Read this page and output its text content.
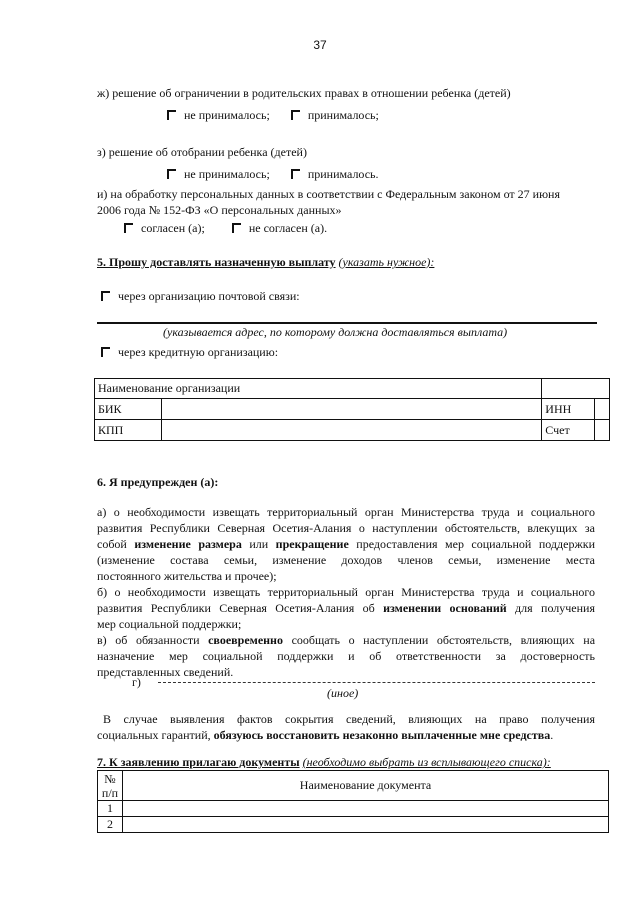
37
ж) решение об ограничении в родительских правах в отношении ребенка (детей)
не принималось;	принималось;
з) решение об отобрании ребенка (детей)
не принималось;	принималось.
и) на обработку персональных данных в соответствии с Федеральным законом от 27 июня
2006 года № 152-ФЗ «О персональных данных»
согласен (а);	не согласен (а).
5. Прошу доставлять назначенную выплату (указать нужное):
через организацию почтовой связи:
(указывается адрес, по которому должна доставляться выплата)
через кредитную организацию:
Наименование организации			
БИК		ИНН	
КПП		Счет	
6. Я предупрежден (а):
а) о необходимости извещать территориальный орган Министерства труда и социального
развития Республики Северная Осетия-Алания о наступлении обстоятельств, влекущих за
собой изменение размера или прекращение предоставления мер социальной поддержки
(изменение состава семьи, изменение доходов членов семьи, изменение места
постоянного жительства и прочее);
б) о необходимости извещать территориальный орган Министерства труда и социального
развития Республики Северная Осетия-Алания об изменении оснований для получения
мер социальной поддержки;
в) об обязанности своевременно сообщать о наступлении обстоятельств, влияющих на
назначение мер социальной поддержки и об ответственности за достоверность
представленных сведений.
г)
(иное)
В случае выявления фактов сокрытия сведений, влияющих на право получения
социальных гарантий, обязуюсь восстановить незаконно выплаченные мне средства.
7. К заявлению прилагаю документы (необходимо выбрать из всплывающего списка):
№ п/п	Наименование документа
1	
2	
